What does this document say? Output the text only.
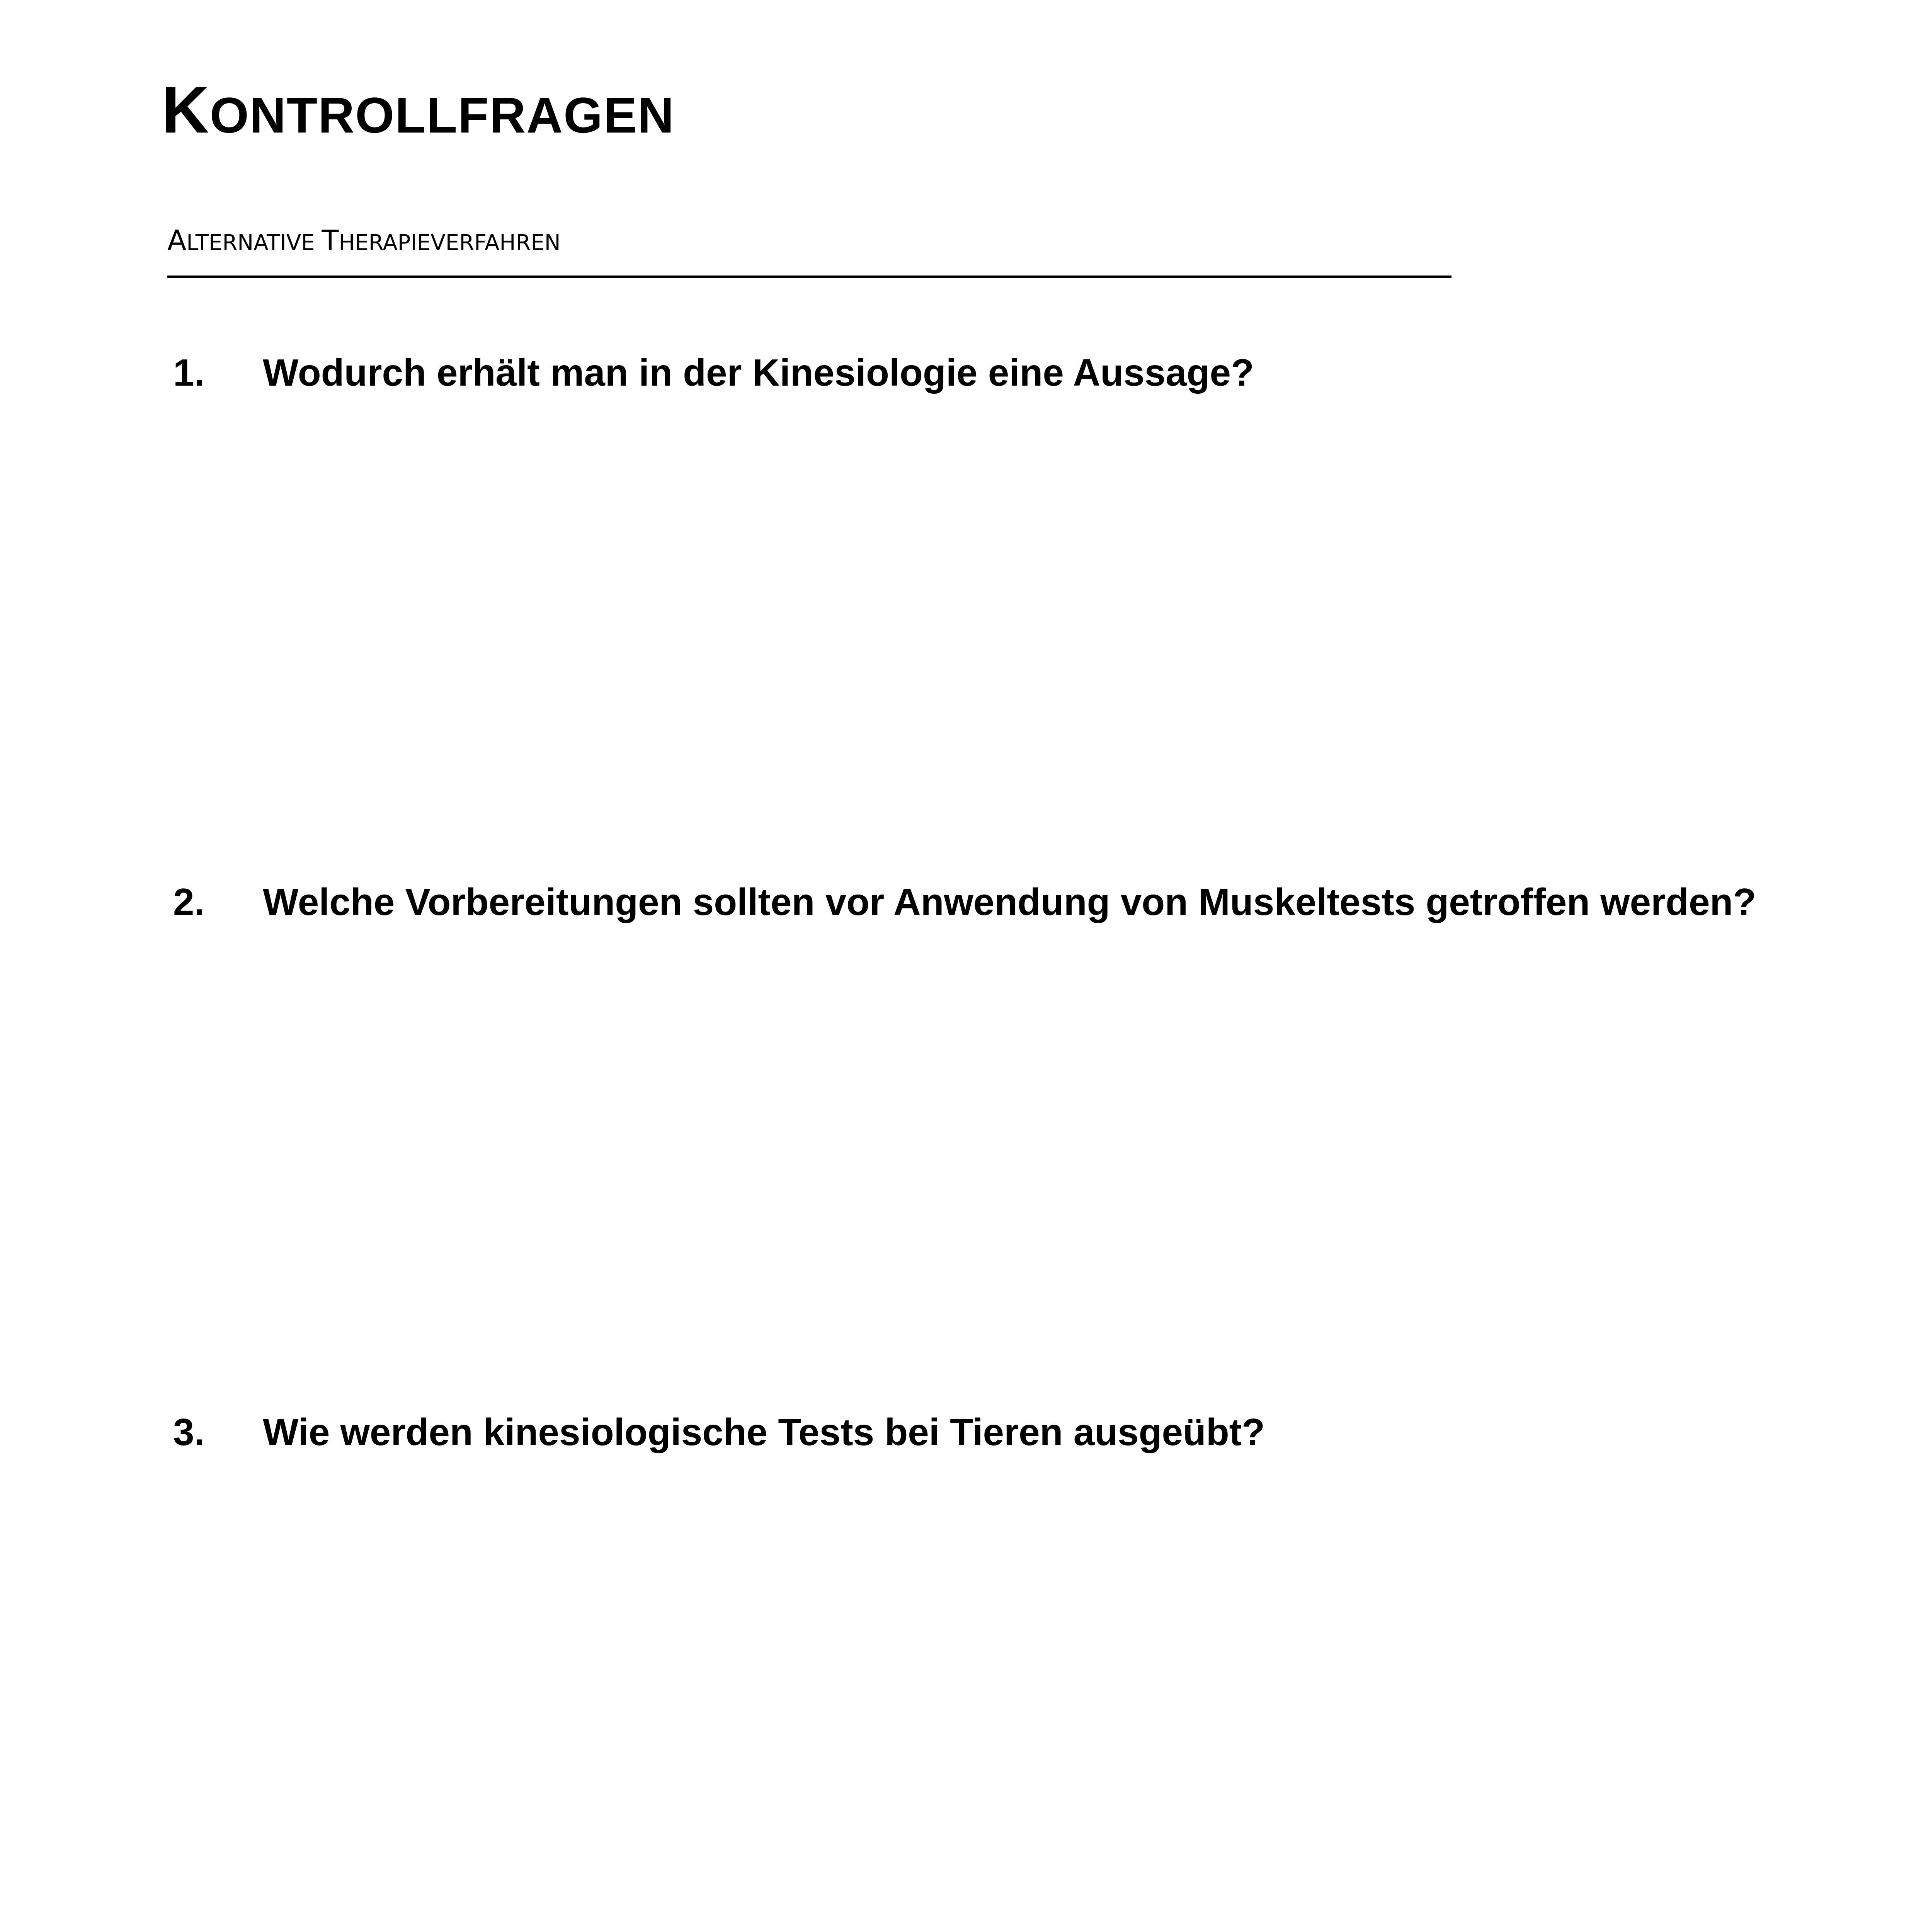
KONTROLLFRAGEN
ALTERNATIVE THERAPIEVERFAHREN
1.	Wodurch erhält man in der Kinesiologie eine Aussage?
2.	Welche Vorbereitungen sollten vor Anwendung von Muskeltests getroffen werden?
3.	Wie werden kinesiologische Tests bei Tieren ausgeübt?
